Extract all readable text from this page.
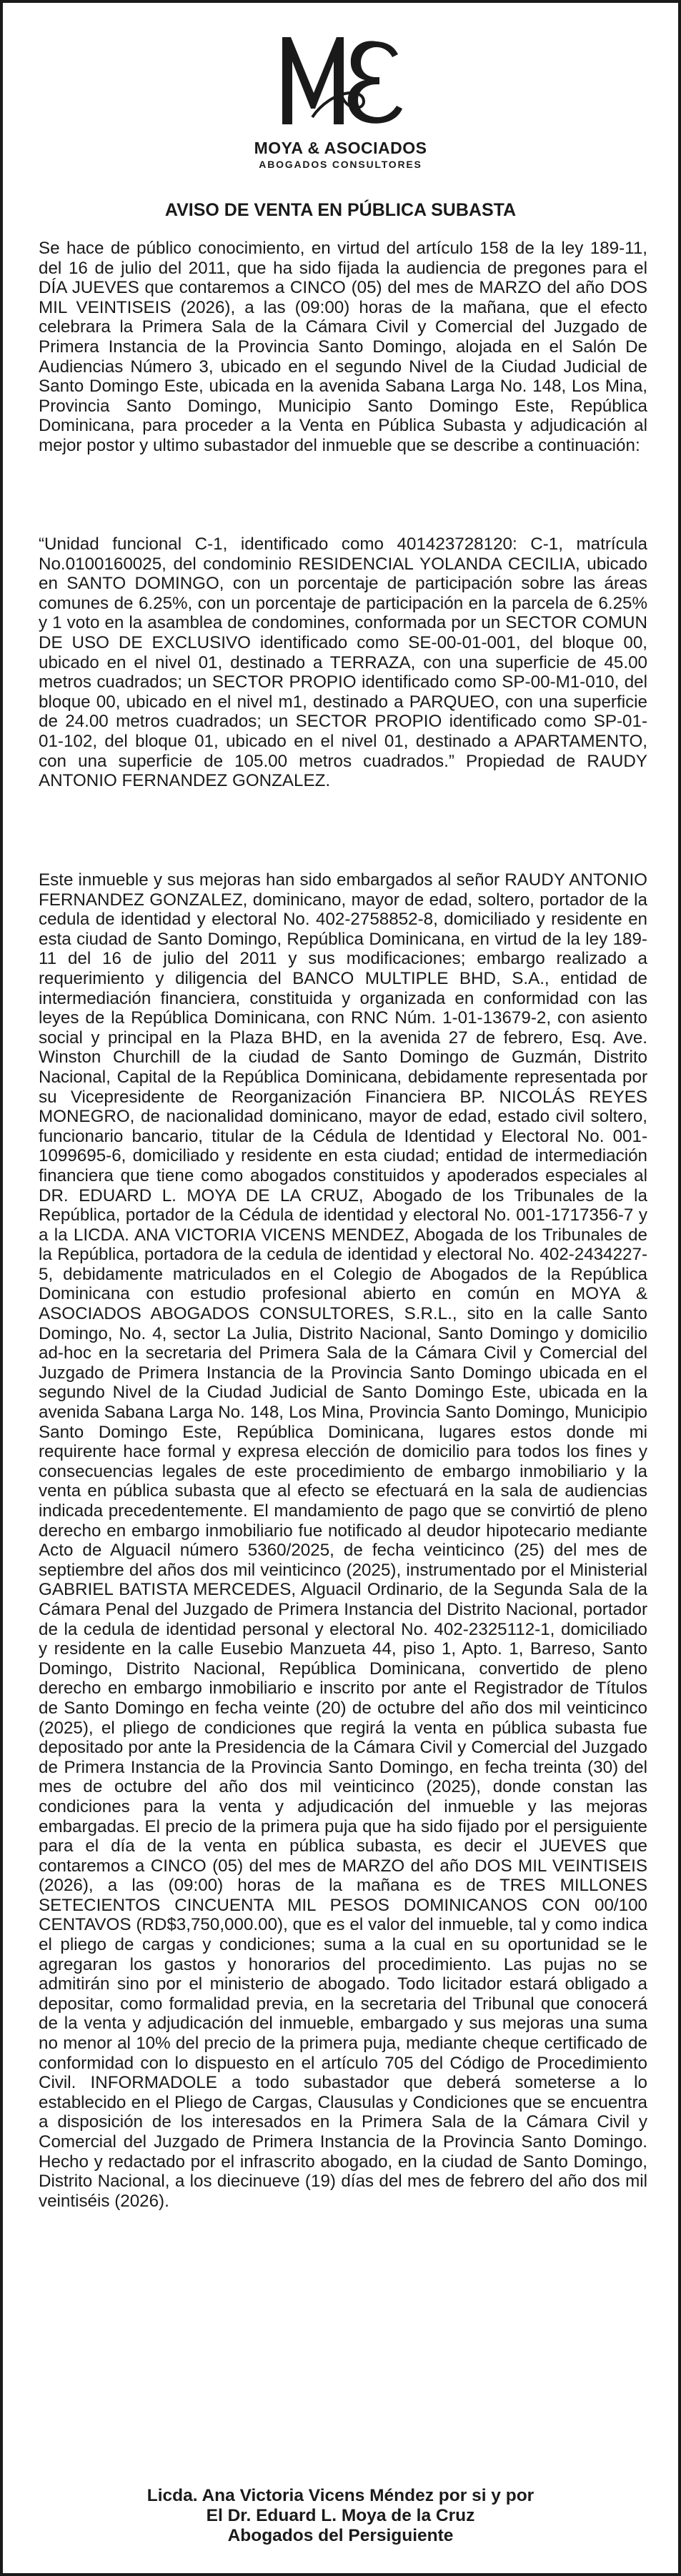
MOYA & ASOCIADOS
ABOGADOS CONSULTORES
AVISO DE VENTA EN PÚBLICA SUBASTA

Se hace de público conocimiento, en virtud del artículo 158 de la ley 189-11, del 16 de julio del 2011, que ha sido fijada la audiencia de pregones para el DÍA JUEVES que contaremos a CINCO (05) del mes de MARZO del año DOS MIL VEINTISEIS (2026), a las (09:00) horas de la mañana, que el efecto celebrara la Primera Sala de la Cámara Civil y Comercial del Juzgado de Primera Instancia de la Provincia Santo Domingo, alojada en el Salón De Audiencias Número 3, ubicado en el segundo Nivel de la Ciudad Judicial de Santo Domingo Este, ubicada en la avenida Sabana Larga No. 148, Los Mina, Provincia Santo Domingo, Municipio Santo Domingo Este, República Dominicana, para proceder a la Venta en Pública Subasta y adjudicación al mejor postor y ultimo subastador del inmueble que se describe a continuación:

“Unidad funcional C-1, identificado como 401423728120: C-1, matrícula No.0100160025, del condominio RESIDENCIAL YOLANDA CECILIA, ubicado en SANTO DOMINGO, con un porcentaje de participación sobre las áreas comunes de 6.25%, con un porcentaje de participación en la parcela de 6.25% y 1 voto en la asamblea de condomines, conformada por un SECTOR COMUN DE USO DE EXCLUSIVO identificado como SE-00-01-001, del bloque 00, ubicado en el nivel 01, destinado a TERRAZA, con una superficie de 45.00 metros cuadrados; un SECTOR PROPIO identificado como SP-00-M1-010, del bloque 00, ubicado en el nivel m1, destinado a PARQUEO, con una superficie de 24.00 metros cuadrados; un SECTOR PROPIO identificado como SP-01-01-102, del bloque 01, ubicado en el nivel 01, destinado a APARTAMENTO, con una superficie de 105.00 metros cuadrados.” Propiedad de RAUDY ANTONIO FERNANDEZ GONZALEZ.

Este inmueble y sus mejoras han sido embargados al señor RAUDY ANTONIO FERNANDEZ GONZALEZ, dominicano, mayor de edad, soltero, portador de la cedula de identidad y electoral No. 402-2758852-8, domiciliado y residente en esta ciudad de Santo Domingo, República Dominicana, en virtud de la ley 189-11 del 16 de julio del 2011 y sus modificaciones; embargo realizado a requerimiento y diligencia del BANCO MULTIPLE BHD, S.A., entidad de intermediación financiera, constituida y organizada en conformidad con las leyes de la República Dominicana, con RNC Núm. 1-01-13679-2, con asiento social y principal en la Plaza BHD, en la avenida 27 de febrero, Esq. Ave. Winston Churchill de la ciudad de Santo Domingo de Guzmán, Distrito Nacional, Capital de la República Dominicana, debidamente representada por su Vicepresidente de Reorganización Financiera BP. NICOLÁS REYES MONEGRO, de nacionalidad dominicano, mayor de edad, estado civil soltero, funcionario bancario, titular de la Cédula de Identidad y Electoral No. 001-1099695-6, domiciliado y residente en esta ciudad; entidad de intermediación financiera que tiene como abogados constituidos y apoderados especiales al DR. EDUARD L. MOYA DE LA CRUZ, Abogado de los Tribunales de la República, portador de la Cédula de identidad y electoral No. 001-1717356-7 y a la LICDA. ANA VICTORIA VICENS MENDEZ, Abogada de los Tribunales de la República, portadora de la cedula de identidad y electoral No. 402-2434227-5, debidamente matriculados en el Colegio de Abogados de la República Dominicana con estudio profesional abierto en común en MOYA & ASOCIADOS ABOGADOS CONSULTORES, S.R.L., sito en la calle Santo Domingo, No. 4, sector La Julia, Distrito Nacional, Santo Domingo y domicilio ad-hoc en la secretaria del Primera Sala de la Cámara Civil y Comercial del Juzgado de Primera Instancia de la Provincia Santo Domingo ubicada en el segundo Nivel de la Ciudad Judicial de Santo Domingo Este, ubicada en la avenida Sabana Larga No. 148, Los Mina, Provincia Santo Domingo, Municipio Santo Domingo Este, República Dominicana, lugares estos donde mi requirente hace formal y expresa elección de domicilio para todos los fines y consecuencias legales de este procedimiento de embargo inmobiliario y la venta en pública subasta que al efecto se efectuará en la sala de audiencias indicada precedentemente. El mandamiento de pago que se convirtió de pleno derecho en embargo inmobiliario fue notificado al deudor hipotecario mediante Acto de Alguacil número 5360/2025, de fecha veinticinco (25) del mes de septiembre del años dos mil veinticinco (2025), instrumentado por el Ministerial GABRIEL BATISTA MERCEDES, Alguacil Ordinario, de la Segunda Sala de la Cámara Penal del Juzgado de Primera Instancia del Distrito Nacional, portador de la cedula de identidad personal y electoral No. 402-2325112-1, domiciliado y residente en la calle Eusebio Manzueta 44, piso 1, Apto. 1, Barreso, Santo Domingo, Distrito Nacional, República Dominicana, convertido de pleno derecho en embargo inmobiliario e inscrito por ante el Registrador de Títulos de Santo Domingo en fecha veinte (20) de octubre del año dos mil veinticinco (2025), el pliego de condiciones que regirá la venta en pública subasta fue depositado por ante la Presidencia de la Cámara Civil y Comercial del Juzgado de Primera Instancia de la Provincia Santo Domingo, en fecha treinta (30) del mes de octubre del año dos mil veinticinco (2025), donde constan las condiciones para la venta y adjudicación del inmueble y las mejoras embargadas. El precio de la primera puja que ha sido fijado por el persiguiente para el día de la venta en pública subasta, es decir el JUEVES que contaremos a CINCO (05) del mes de MARZO del año DOS MIL VEINTISEIS (2026), a las (09:00) horas de la mañana es de TRES MILLONES SETECIENTOS CINCUENTA MIL PESOS DOMINICANOS CON 00/100 CENTAVOS (RD$3,750,000.00), que es el valor del inmueble, tal y como indica el pliego de cargas y condiciones; suma a la cual en su oportunidad se le agregaran los gastos y honorarios del procedimiento. Las pujas no se admitirán sino por el ministerio de abogado. Todo licitador estará obligado a depositar, como formalidad previa, en la secretaria del Tribunal que conocerá de la venta y adjudicación del inmueble, embargado y sus mejoras una suma no menor al 10% del precio de la primera puja, mediante cheque certificado de conformidad con lo dispuesto en el artículo 705 del Código de Procedimiento Civil. INFORMADOLE a todo subastador que deberá someterse a lo establecido en el Pliego de Cargas, Clausulas y Condiciones que se encuentra a disposición de los interesados en la Primera Sala de la Cámara Civil y Comercial del Juzgado de Primera Instancia de la Provincia Santo Domingo. Hecho y redactado por el infrascrito abogado, en la ciudad de Santo Domingo, Distrito Nacional, a los diecinueve (19) días del mes de febrero del año dos mil veintiséis (2026).

Licda. Ana Victoria Vicens Méndez por si y por
El Dr. Eduard L. Moya de la Cruz
Abogados del Persiguiente
